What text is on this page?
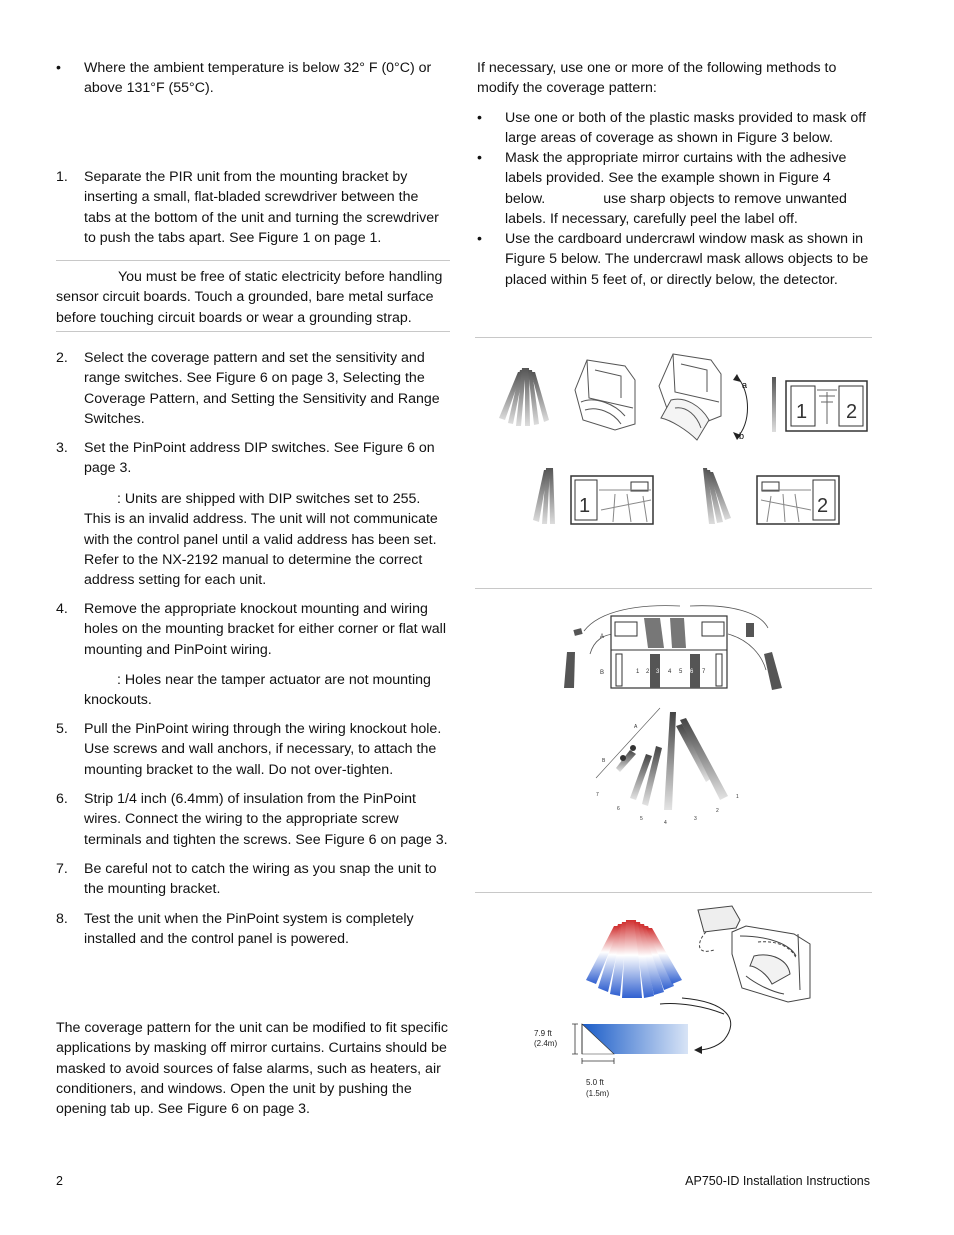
• Where the ambient temperature is below 32° F (0°C) or above 131°F (55°C).
1. Separate the PIR unit from the mounting bracket by inserting a small, flat-bladed screwdriver between the tabs at the bottom of the unit and turning the screwdriver to push the tabs apart. See Figure 1 on page 1.

You must be free of static electricity before handling sensor circuit boards. Touch a grounded, bare metal surface before touching circuit boards or wear a grounding strap.

2. Select the coverage pattern and set the sensitivity and range switches. See Figure 6 on page 3, Selecting the Coverage Pattern, and Setting the Sensitivity and Range Switches.
3. Set the PinPoint address DIP switches. See Figure 6 on page 3.

: Units are shipped with DIP switches set to 255. This is an invalid address. The unit will not communicate with the control panel until a valid address has been set. Refer to the NX-2192 manual to determine the correct address setting for each unit.

4. Remove the appropriate knockout mounting and wiring holes on the mounting bracket for either corner or flat wall mounting and PinPoint wiring.

: Holes near the tamper actuator are not mounting knockouts.

5. Pull the PinPoint wiring through the wiring knockout hole. Use screws and wall anchors, if necessary, to attach the mounting bracket to the wall. Do not over-tighten.
6. Strip 1/4 inch (6.4mm) of insulation from the PinPoint wires. Connect the wiring to the appropriate screw terminals and tighten the screws. See Figure 6 on page 3.
7. Be careful not to catch the wiring as you snap the unit to the mounting bracket.
8. Test the unit when the PinPoint system is completely installed and the control panel is powered.

The coverage pattern for the unit can be modified to fit specific applications by masking off mirror curtains. Curtains should be masked to avoid sources of false alarms, such as heaters, air conditioners, and windows. Open the unit by pushing the opening tab up. See Figure 6 on page 3.

If necessary, use one or more of the following methods to modify the coverage pattern:

• Use one or both of the plastic masks provided to mask off large areas of coverage as shown in Figure 3 below.
• Mask the appropriate mirror curtains with the adhesive labels provided. See the example shown in Figure 4
below.	use sharp objects to remove unwanted
labels. If necessary, carefully peel the label off.
• Use the cardboard undercrawl window mask as shown in Figure 5 below. The undercrawl mask allows objects to be placed within 5 feet of, or directly below, the detector.
a
b
1 2
1	2
A
B	1 2 3 4 5 6 7
A
B
7
6
5
4
3
2
1
7.9 ft
(2.4m)
5.0 ft
(1.5m)
2	AP750-ID Installation Instructions
